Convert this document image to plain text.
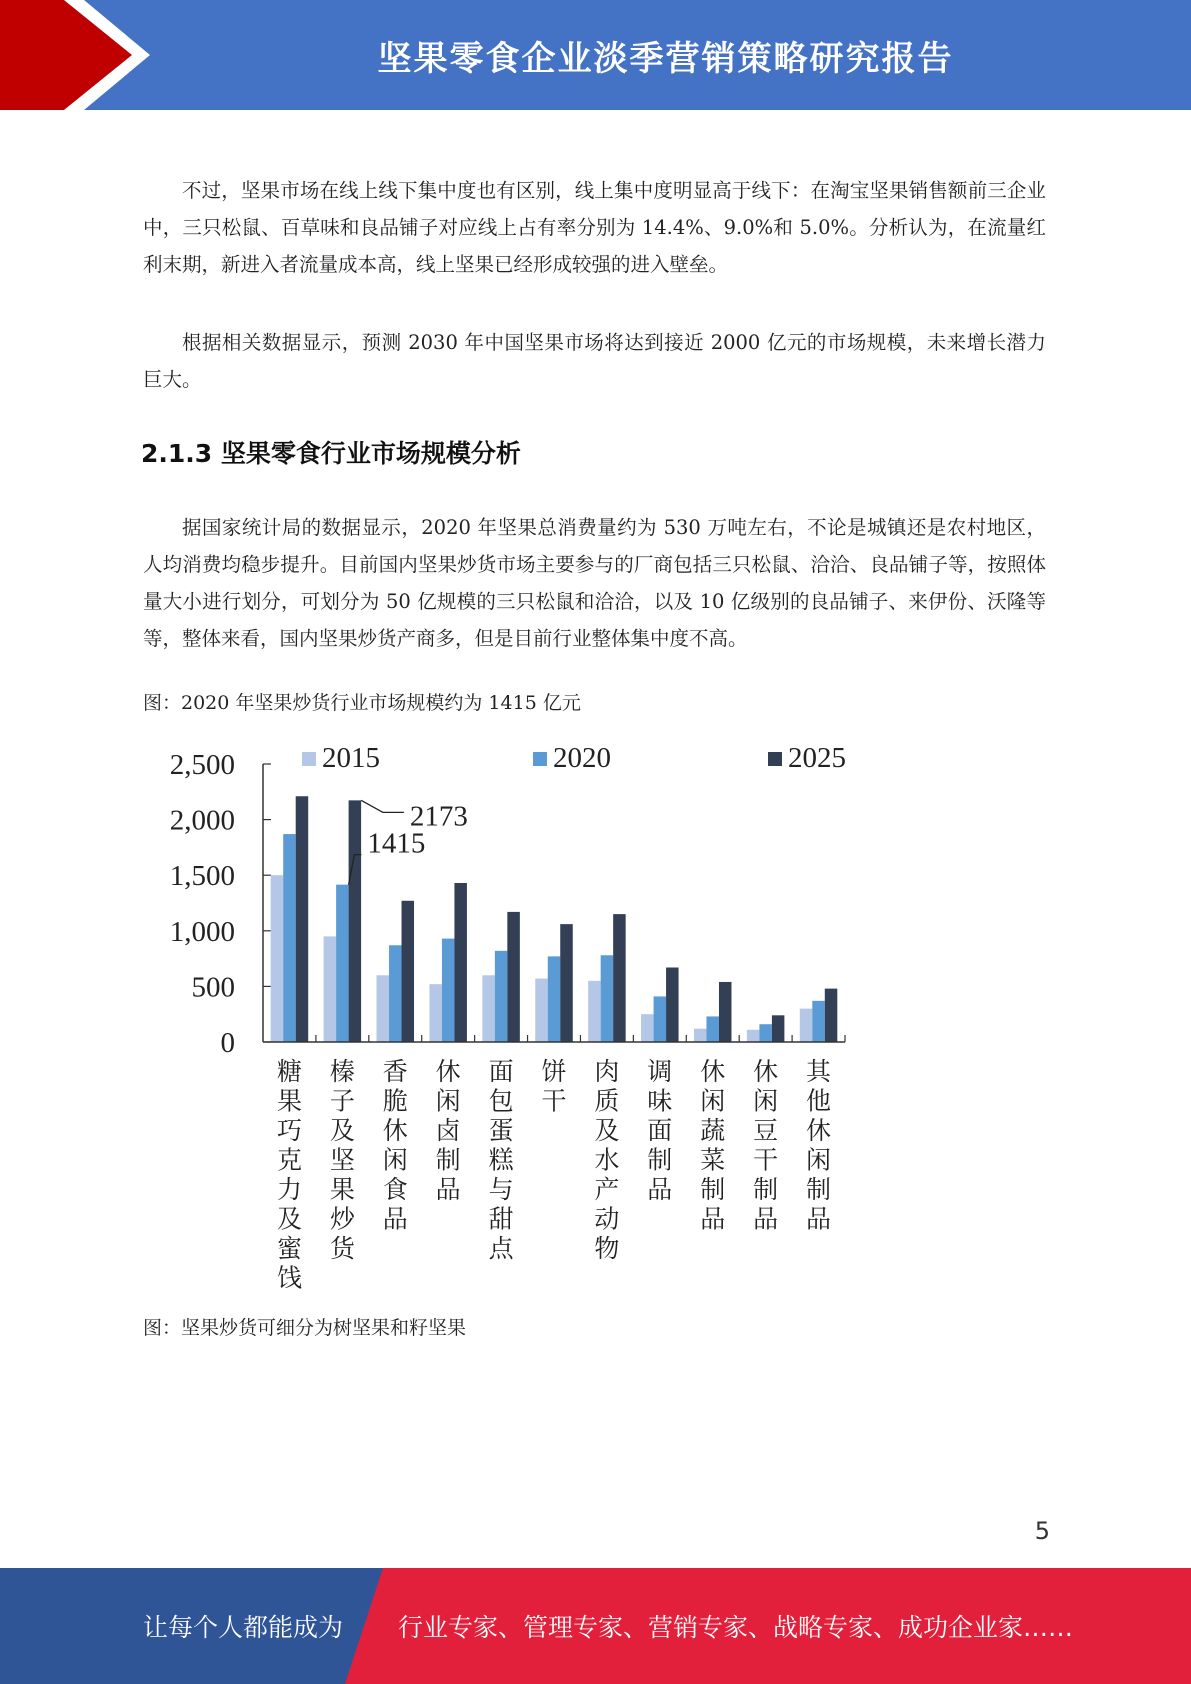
坚果零食企业淡季营销策略研究报告

不过，坚果市场在线上线下集中度也有区别，线上集中度明显高于线下：在淘宝坚果销售额前三企业中，三只松鼠、百草味和良品铺子对应线上占有率分别为 14.4%、9.0%和 5.0%。分析认为，在流量红利末期，新进入者流量成本高，线上坚果已经形成较强的进入壁垒。

根据相关数据显示，预测 2030 年中国坚果市场将达到接近 2000 亿元的市场规模，未来增长潜力巨大。

2.1.3 坚果零食行业市场规模分析

据国家统计局的数据显示，2020 年坚果总消费量约为 530 万吨左右，不论是城镇还是农村地区，人均消费均稳步提升。目前国内坚果炒货市场主要参与的厂商包括三只松鼠、洽洽、良品铺子等，按照体量大小进行划分，可划分为 50 亿规模的三只松鼠和洽洽，以及 10 亿级别的良品铺子、来伊份、沃隆等等，整体来看，国内坚果炒货产商多，但是目前行业整体集中度不高。

图：2020 年坚果炒货行业市场规模约为 1415 亿元
2015	2020	2025
0
500
1,000
1,500
2,000
2,500
糖果巧克力及蜜饯
榛子及坚果炒货
香脆休闲食品
休闲卤制品
面包蛋糕与甜点
饼干
肉质及水产动物
调味面制品
休闲蔬菜制品
休闲豆干制品
其他休闲制品
2173
1415
图：坚果炒货可细分为树坚果和籽坚果
5
让每个人都能成为 行业专家、管理专家、营销专家、战略专家、成功企业家……
